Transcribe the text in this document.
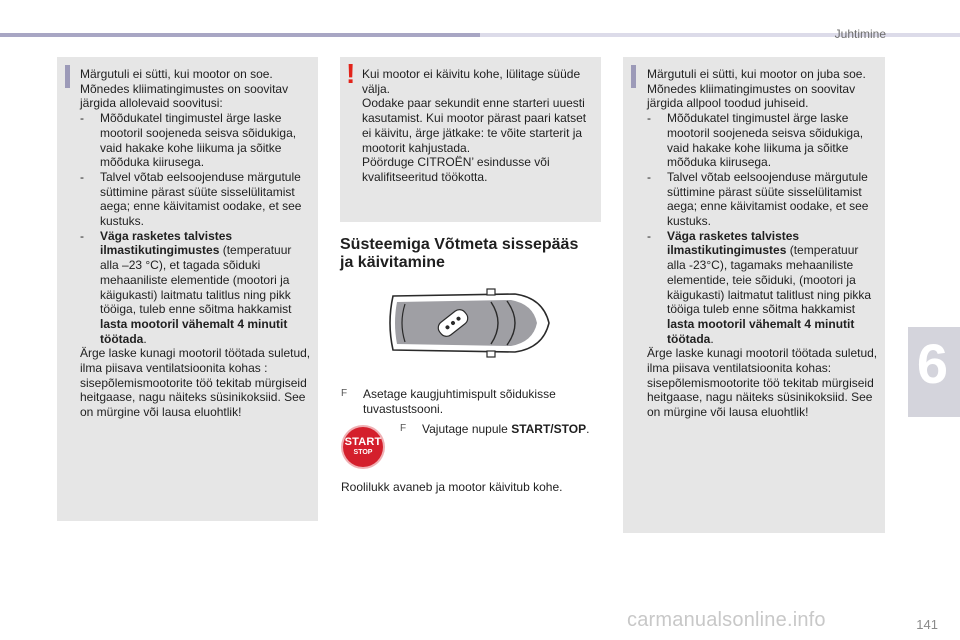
Juhtimine
6

Märgutuli ei sütti, kui mootor on soe. Mõnedes kliimatingimustes on soovitav järgida allolevaid soovitusi:

-	Mõõdukatel tingimustel ärge laske mootoril soojeneda seisva sõidukiga, vaid hakake kohe liikuma ja sõitke mõõduka kiirusega.
-	Talvel võtab eelsoojenduse märgutule süttimine pärast süüte sisselülitamist aega; enne käivitamist oodake, et see kustuks.
-	Väga rasketes talvistes ilmastikutingimustes (temperatuur alla –23 °C), et tagada sõiduki mehaaniliste elementide (mootori ja käigukasti) laitmatu talitlus ning pikk tööiga, tuleb enne sõitma hakkamist lasta mootoril vähemalt 4 minutit töötada.

Ärge laske kunagi mootoril töötada suletud, ilma piisava ventilatsioonita kohas : sisepõlemismootorite töö tekitab mürgiseid heitgaase, nagu näiteks süsinikoksiid. See on mürgine või lausa eluohtlik!

! Kui mootor ei käivitu kohe, lülitage süüde välja.

Oodake paar sekundit enne starteri uuesti kasutamist. Kui mootor pärast paari katset ei käivitu, ärge jätkake: te võite starterit ja mootorit kahjustada.

Pöörduge CITROËN’ esindusse või kvalifitseeritud töökotta.

Süsteemiga Võtmeta sissepääs
ja käivitamine
F Asetage kaugjuhtimispult sõidukisse tuvastustsooni.
START
STOP
F Vajutage nupule START/STOP.
Roolilukk avaneb ja mootor käivitub kohe.

Märgutuli ei sütti, kui mootor on juba soe. Mõnedes kliimatingimustes on soovitav järgida allpool toodud juhiseid.

-	Mõõdukatel tingimustel ärge laske mootoril soojeneda seisva sõidukiga, vaid hakake kohe liikuma ja sõitke mõõduka kiirusega.
-	Talvel võtab eelsoojenduse märgutule süttimine pärast süüte sisselülitamist aega; enne käivitamist oodake, et see kustuks.
-	Väga rasketes talvistes ilmastikutingimustes (temperatuur alla -23°C), tagamaks mehaaniliste elementide, teie sõiduki, (mootori ja käigukasti) laitmatut talitlust ning pikka tööiga tuleb enne sõitma hakkamist lasta mootoril vähemalt 4 minutit töötada.

Ärge laske kunagi mootoril töötada suletud, ilma piisava ventilatsioonita kohas: sisepõlemismootorite töö tekitab mürgiseid heitgaase, nagu näiteks süsinikoksiid. See on mürgine või lausa eluohtlik!

carmanualsonline.info	141
